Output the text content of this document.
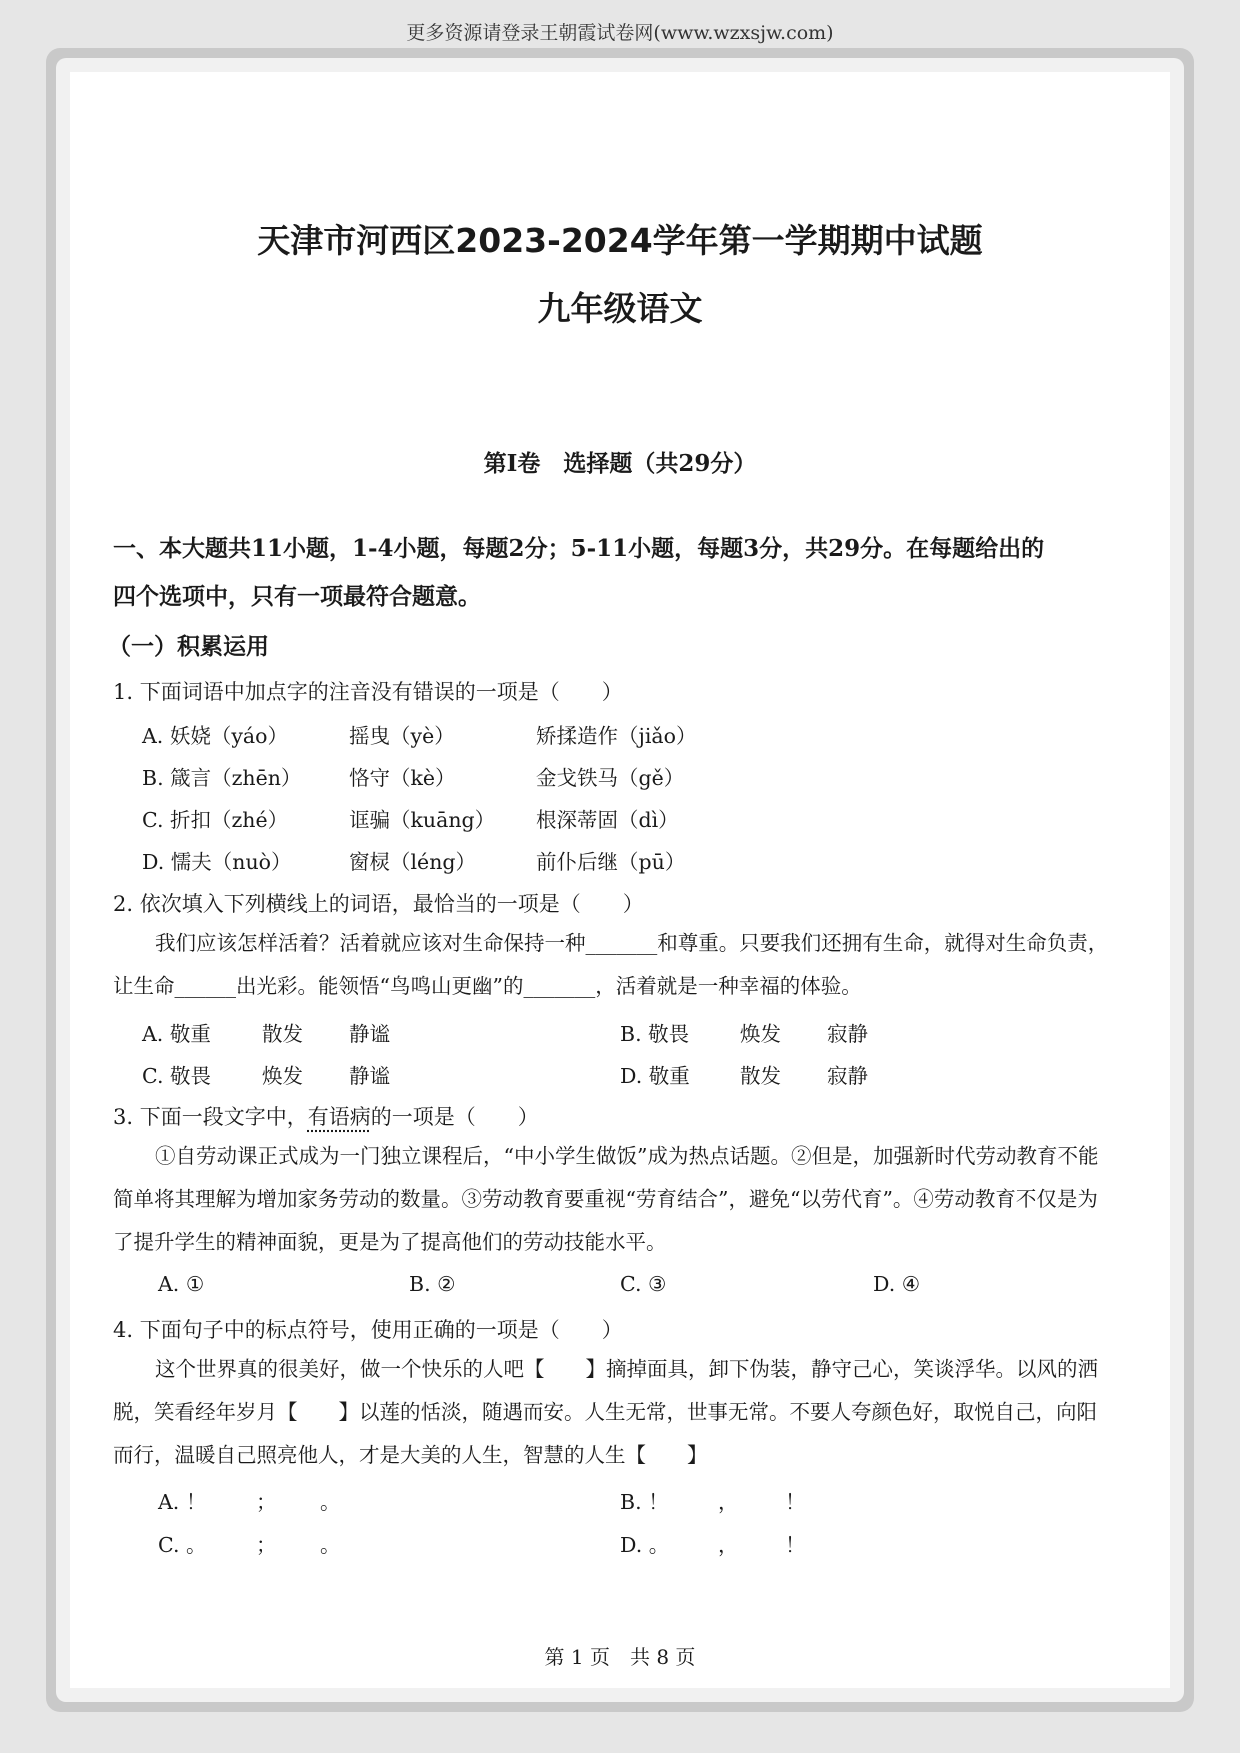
更多资源请登录王朝霞试卷网(www.wzxsjw.com)
天津市河西区2023-2024学年第一学期期中试题
九年级语文
第Ⅰ卷　选择题（共29分）
一、本大题共11小题，1-4小题，每题2分；5-11小题，每题3分，共29分。在每题给出的
四个选项中，只有一项最符合题意。
（一）积累运用
1. 下面词语中加点字的注音没有错误的一项是（　　）
A. 妖娆（yáo）	摇曳（yè）	矫揉造作（jiǎo）
B. 箴言（zhēn） 恪守（kè）	金戈铁马（gě）
C. 折扣（zhé）	诓骗（kuāng） 根深蒂固（dì）
D. 懦夫（nuò）	窗棂（léng）	前仆后继（pū）
2. 依次填入下列横线上的词语，最恰当的一项是（　　）
我们应该怎样活着？活着就应该对生命保持一种_______和尊重。只要我们还拥有生命，就得对生命负责，让生命______出光彩。能领悟“鸟鸣山更幽”的_______，活着就是一种幸福的体验。
A. 敬重 散发 静谧	B. 敬畏 焕发 寂静
C. 敬畏 焕发 静谧	D. 敬重 散发 寂静
3. 下面一段文字中，有语病的一项是（　　）
①自劳动课正式成为一门独立课程后，“中小学生做饭”成为热点话题。②但是，加强新时代劳动教育不能简单将其理解为增加家务劳动的数量。③劳动教育要重视“劳育结合”，避免“以劳代育”。④劳动教育不仅是为了提升学生的精神面貌，更是为了提高他们的劳动技能水平。
A. ①	B. ②	C. ③	D. ④
4. 下面句子中的标点符号，使用正确的一项是（　　）
这个世界真的很美好，做一个快乐的人吧【　　】摘掉面具，卸下伪装，静守己心，笑谈浮华。以风的洒脱，笑看经年岁月【　　】以莲的恬淡，随遇而安。人生无常，世事无常。不要人夸颜色好，取悦自己，向阳而行，温暖自己照亮他人，才是大美的人生，智慧的人生【　　】
A. ！ ； 。	B. ！ ， ！
C. 。 ； 。	D. 。 ， ！
第 1 页　共 8 页
